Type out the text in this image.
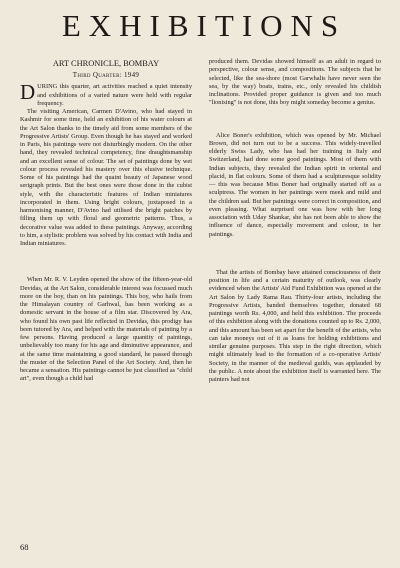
EXHIBITIONS
ART CHRONICLE, BOMBAY
Third Quarter: 1949

DURING this quarter, art activities reached a quiet intensity and exhibitions of a varied nature were held with regular frequency.

The visiting American, Carmen D'Avino, who had stayed in Kashmir for some time, held an exhibition of his water colours at the Art Salon thanks to the timely aid from some members of the Progressive Artists' Group. Even though he has stayed and worked in Paris, his paintings were not disturbingly modern. On the other hand, they revealed technical competency, fine draughtsmanship and an excellent sense of colour. The set of paintings done by wet colour process revealed his mastery over this elusive technique. Some of his paintings had the quaint beauty of Japanese wood serigraph prints. But the best ones were those done in the cubist style, with the characteristic features of Indian miniatures incorporated in them. Using bright colours, juxtaposed in a harmonising manner, D'Avino had utilised the bright patches by filling them up with floral and geometric patterns. Thus, a decorative value was added to these paintings. Anyway, according to him, a stylistic problem was solved by his contact with India and Indian miniatures.

When Mr. R. V. Leyden opened the show of the fifteen-year-old Devidas, at the Art Salon, considerable interest was focussed much more on the boy, than on his paintings. This boy, who hails from the Himalayan country of Garhwal, has been working as a domestic servant in the house of a film star. Discovered by Ara, who found his own past life reflected in Devidas, this prodigy has been tutored by Ara, and helped with the materials of painting by a few persons. Having produced a large quantity of paintings, unbelievably too many for his age and diminutive appearance, and at the same time maintaining a good standard, he passed through the muster of the Selection Panel of the Art Society. And, then he became a sensation. His paintings cannot be just classified as "child art", even though a child had

produced them. Devidas showed himself as an adult in regard to perspective, colour sense, and compositions. The subjects that he selected, like the sea-shore (most Garwhalis have never seen the sea, by the way) boats, trains, etc., only revealed his childish inclinations. Provided proper guidance is given and too much "lionising" is not done, this boy might someday become a genius.

Alice Boner's exhibition, which was opened by Mr. Michael Brown, did not turn out to be a success. This widely-travelled elderly Swiss Lady, who has had her training in Italy and Switzerland, had done some good paintings. Most of them with Indian subjects, they revealed the Indian spirit in oriental and placid, in flat colours. Some of them had a sculpturesque solidity — this was because Miss Boner had originally started off as a sculptress. The women in her paintings were meek and mild and the children sad. But her paintings were correct in composition, and even pleasing. What surprised one was how with her long association with Uday Shankar, she has not been able to show the influence of dance, especially movement and colour, in her paintings.

That the artists of Bombay have attained consciousness of their position in life and a certain maturity of outlook, was clearly evidenced when the Artists' Aid Fund Exhibition was opened at the Art Salon by Lady Rama Rau. Thirty-four artists, including the Progressive Artists, banded themselves together, donated 68 paintings worth Rs. 4,000, and held this exhibition. The proceeds of this exhibition along with the donations counted up to Rs. 2,000, and this amount has been set apart for the benefit of the artists, who can take moneys out of it as loans for holding exhibitions and similar genuine purposes. This step in the right direction, which might ultimately lead to the formation of a co-operative Artists' Society, in the manner of the medieval guilds, was applauded by the public. A note about the exhibition itself is warranted here. The painters had not

68
